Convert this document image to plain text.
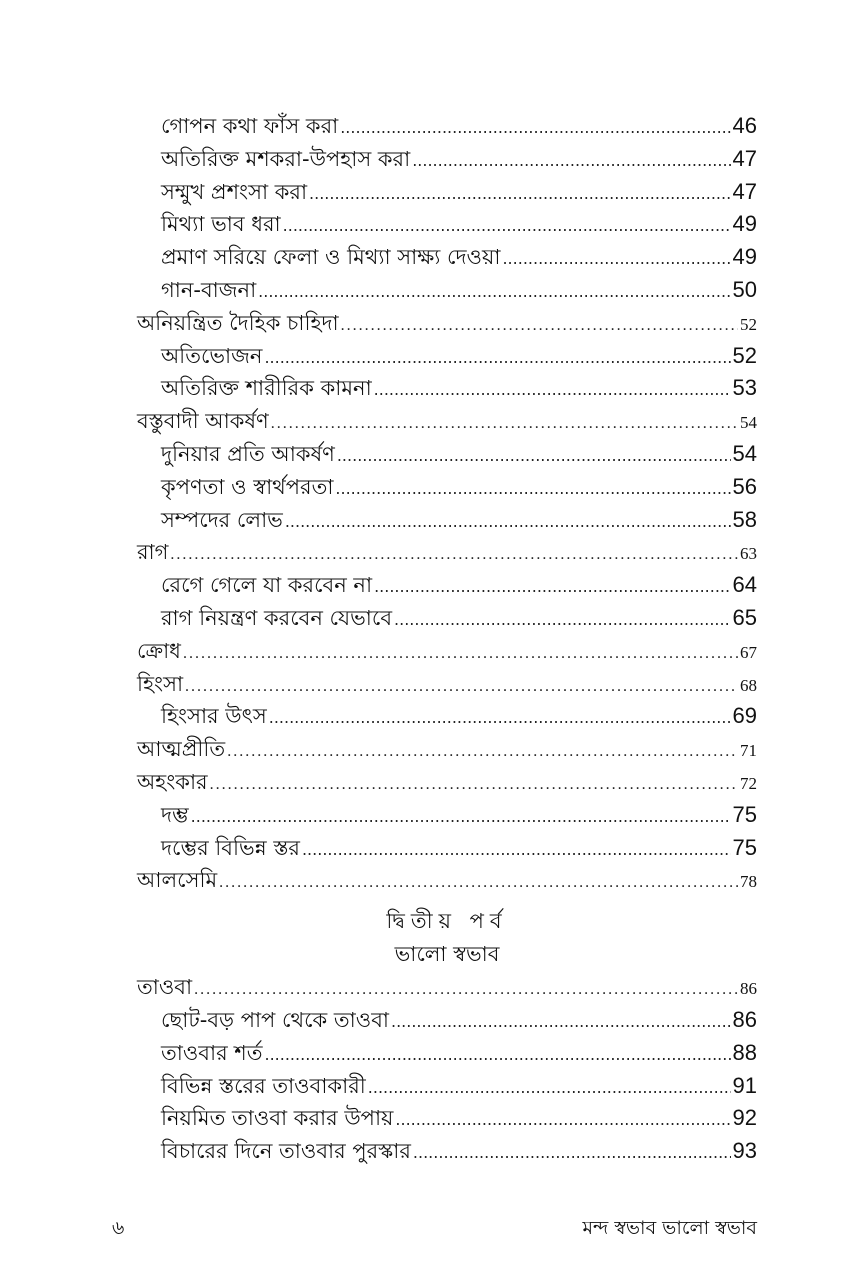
গোপন কথা ফাঁস করা .....	46
অতিরিক্ত মশকরা-উপহাস করা .....	47
সম্মুখ প্রশংসা করা .....	47
মিথ্যা ভাব ধরা .....	49
প্রমাণ সরিয়ে ফেলা ও মিথ্যা সাক্ষ্য দেওয়া .....	49
গান-বাজনা .....	50
অনিয়ন্ত্রিত দৈহিক চাহিদা .....	52
অতিভোজন .....	52
অতিরিক্ত শারীরিক কামনা .....	53
বস্তুবাদী আকর্ষণ .....	54
দুনিয়ার প্রতি আকর্ষণ .....	54
কৃপণতা ও স্বার্থপরতা .....	56
সম্পদের লোভ .....	58
রাগ .....	63
রেগে গেলে যা করবেন না .....	64
রাগ নিয়ন্ত্রণ করবেন যেভাবে .....	65
ক্রোধ .....	67
হিংসা .....	68
হিংসার উৎস .....	69
আত্মপ্রীতি .....	71
অহংকার .....	72
দম্ভ .....	75
দম্ভের বিভিন্ন স্তর .....	75
আলসেমি .....	78
দ্বিতীয় পর্ব
ভালো স্বভাব
তাওবা .....	86
ছোট-বড় পাপ থেকে তাওবা .....	86
তাওবার শর্ত .....	88
বিভিন্ন স্তরের তাওবাকারী .....	91
নিয়মিত তাওবা করার উপায় .....	92
বিচারের দিনে তাওবার পুরস্কার .....	93
৬	মন্দ স্বভাব ভালো স্বভাব
